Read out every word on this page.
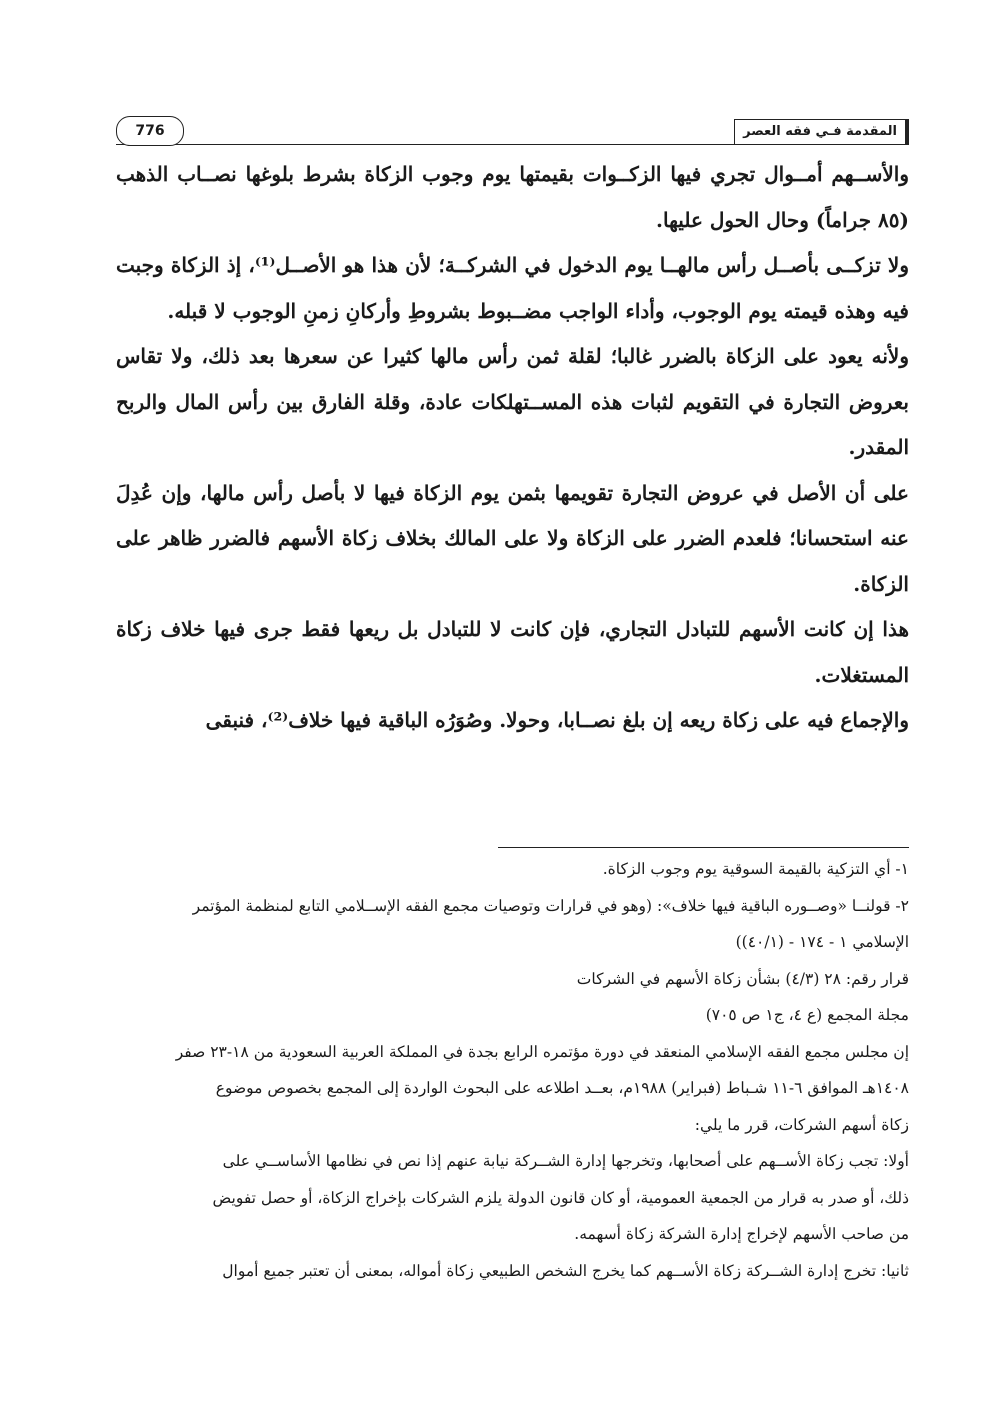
776	المقدمة فـي فقه العصر

والأســهم أمــوال تجري فيها الزكــوات بقيمتها يوم وجوب الزكاة بشرط بلوغها نصــاب الذهب (٨٥ جراماً) وحال الحول عليها.

ولا تزكــى بأصــل رأس مالهــا يوم الدخول في الشركــة؛ لأن هذا هو الأصــل⁽¹⁾، إذ الزكاة وجبت فيه وهذه قيمته يوم الوجوب، وأداء الواجب مضــبوط بشروطِ وأركانِ زمنِ الوجوب لا قبله.

ولأنه يعود على الزكاة بالضرر غالبا؛ لقلة ثمن رأس مالها كثيرا عن سعرها بعد ذلك، ولا تقاس بعروض التجارة في التقويم لثبات هذه المســتهلكات عادة، وقلة الفارق بين رأس المال والربح المقدر.

على أن الأصل في عروض التجارة تقويمها بثمن يوم الزكاة فيها لا بأصل رأس مالها، وإن عُدِلَ عنه استحسانا؛ فلعدم الضرر على الزكاة ولا على المالك بخلاف زكاة الأسهم فالضرر ظاهر على الزكاة.

هذا إن كانت الأسهم للتبادل التجاري، فإن كانت لا للتبادل بل ريعها فقط جرى فيها خلاف زكاة المستغلات.

والإجماع فيه على زكاة ريعه إن بلغ نصــابا، وحولا. وصُوَرُه الباقية فيها خلاف⁽²⁾، فنبقى

١- أي التزكية بالقيمة السوقية يوم وجوب الزكاة.

٢- قولنــا «وصــوره الباقية فيها خلاف»: (وهو في قرارات وتوصيات مجمع الفقه الإســلامي التابع لمنظمة المؤتمر

الإسلامي ١ - ١٧٤ - (٤٠/١))

قرار رقم: ٢٨ (٤/٣) بشأن زكاة الأسهم في الشركات

مجلة المجمع (ع ٤، ج١ ص ٧٠٥)

إن مجلس مجمع الفقه الإسلامي المنعقد في دورة مؤتمره الرابع بجدة في المملكة العربية السعودية من ١٨-٢٣ صفر

١٤٠٨هـ الموافق ٦-١١ شـباط (فبراير) ١٩٨٨م، بعــد اطلاعه على البحوث الواردة إلى المجمع بخصوص موضوع

زكاة أسهم الشركات، قرر ما يلي:

أولا: تجب زكاة الأســهم على أصحابها، وتخرجها إدارة الشــركة نيابة عنهم إذا نص في نظامها الأساســي على

ذلك، أو صدر به قرار من الجمعية العمومية، أو كان قانون الدولة يلزم الشركات بإخراج الزكاة، أو حصل تفويض

من صاحب الأسهم لإخراج إدارة الشركة زكاة أسهمه.

ثانيا: تخرج إدارة الشــركة زكاة الأســهم كما يخرج الشخص الطبيعي زكاة أمواله، بمعنى أن تعتبر جميع أموال
